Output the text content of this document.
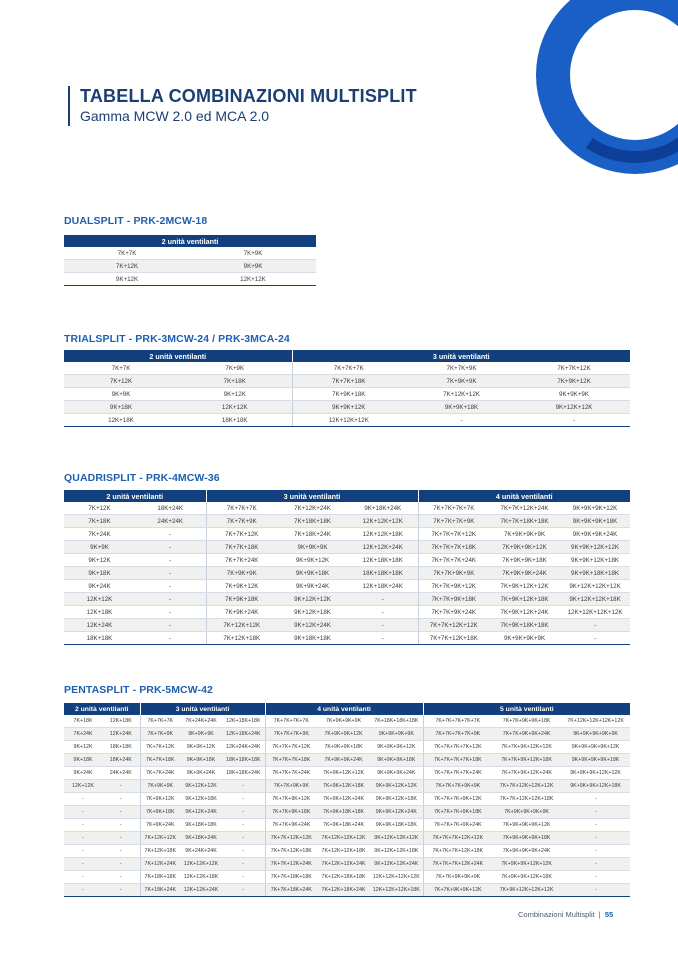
TABELLA COMBINAZIONI MULTISPLIT
Gamma MCW 2.0 ed MCA 2.0
DUALSPLIT - PRK-2MCW-18
2 unità ventilanti	
7K+7K	7K+9K
7K+12K	9K+9K
9K+12K	12K+12K
TRIALSPLIT - PRK-3MCW-24 / PRK-3MCA-24
2 unità ventilanti		3 unità ventilanti		
7K+7K	7K+9K	7K+7K+7K	7K+7K+9K	7K+7K+12K
7K+12K	7K+18K	7K+7K+18K	7K+9K+9K	7K+9K+12K
9K+9K	9K+12K	7K+9K+18K	7K+12K+12K	9K+9K+9K
9K+18K	12K+12K	9K+9K+12K	9K+9K+18K	9K+12K+12K
12K+18K	18K+18K	12K+12K+12K	-	-
QUADRISPLIT - PRK-4MCW-36
2 unità ventilanti		3 unità ventilanti			4 unità ventilanti		
7K+12K	18K+24K	7K+7K+7K	7K+12K+24K	9K+18K+24K	7K+7K+7K+7K	7K+7K+12K+24K	9K+9K+9K+12K
7K+18K	24K+24K	7K+7K+9K	7K+18K+18K	12K+12K+12K	7K+7K+7K+9K	7K+7K+18K+18K	9K+9K+9K+18K
7K+24K	-	7K+7K+12K	7K+18K+24K	12K+12K+18K	7K+7K+7K+12K	7K+9K+9K+9K	9K+9K+9K+24K
9K+9K	-	7K+7K+18K	9K+9K+9K	12K+12K+24K	7K+7K+7K+18K	7K+9K+9K+12K	9K+9K+12K+12K
9K+12K	-	7K+7K+24K	9K+9K+12K	12K+18K+18K	7K+7K+7K+24K	7K+9K+9K+18K	9K+9K+12K+18K
9K+18K	-	7K+9K+9K	9K+9K+18K	18K+18K+18K	7K+7K+9K+9K	7K+9K+9K+24K	9K+9K+18K+18K
9K+24K	-	7K+9K+12K	9K+9K+24K	12K+18K+24K	7K+7K+9K+12K	7K+9K+12K+12K	9K+12K+12K+12K
12K+12K	-	7K+9K+18K	9K+12K+12K	-	7K+7K+9K+18K	7K+9K+12K+18K	9K+12K+12K+18K
12K+18K	-	7K+9K+24K	9K+12K+18K	-	7K+7K+9K+24K	7K+9K+12K+24K	12K+12K+12K+12K
12K+24K	-	7K+12K+12K	9K+12K+24K	-	7K+7K+12K+12K	7K+9K+18K+18K	-
18K+18K	-	7K+12K+18K	9K+18K+18K	-	7K+7K+12K+18K	9K+9K+9K+9K	-
PENTASPLIT - PRK-5MCW-42
2 unità ventilanti		3 unità ventilanti			4 unità ventilanti			5 unità ventilanti		
7K+18K	12K+18K	7K+7K+7K	7K+24K+24K	12K+18K+18K	7K+7K+7K+7K	7K+9K+9K+9K	7K+18K+18K+18K	7K+7K+7K+7K+7K	7K+7K+9K+9K+18K	7K+12K+12K+12K+12K
7K+24K	12K+24K	7K+7K+9K	9K+9K+9K	12K+18K+24K	7K+7K+7K+9K	7K+9K+9K+12K	9K+9K+9K+9K	7K+7K+7K+7K+9K	7K+7K+9K+9K+24K	9K+9K+9K+9K+9K
9K+12K	18K+18K	7K+7K+12K	9K+9K+12K	12K+24K+24K	7K+7K+7K+12K	7K+9K+9K+18K	9K+9K+9K+12K	7K+7K+7K+7K+12K	7K+7K+9K+12K+12K	9K+9K+9K+9K+12K
9K+18K	18K+24K	7K+7K+18K	9K+9K+18K	18K+18K+18K	7K+7K+7K+18K	7K+9K+9K+24K	9K+9K+9K+18K	7K+7K+7K+7K+18K	7K+7K+9K+12K+18K	9K+9K+9K+9K+18K
9K+24K	24K+24K	7K+7K+24K	9K+9K+24K	18K+18K+24K	7K+7K+7K+24K	7K+9K+12K+12K	9K+9K+9K+24K	7K+7K+7K+7K+24K	7K+7K+9K+12K+24K	9K+9K+9K+12K+12K
12K+12K	-	7K+9K+9K	9K+12K+12K	-	7K+7K+9K+9K	7K+9K+12K+18K	9K+9K+12K+12K	7K+7K+7K+9K+9K	7K+7K+12K+12K+12K	9K+9K+9K+12K+18K
-	-	7K+9K+12K	9K+12K+18K	-	7K+7K+9K+12K	7K+9K+12K+24K	9K+9K+12K+18K	7K+7K+7K+9K+12K	7K+7K+12K+12K+18K	-
-	-	7K+9K+18K	9K+12K+24K	-	7K+7K+9K+18K	7K+9K+18K+18K	9K+9K+12K+24K	7K+7K+7K+9K+18K	7K+9K+9K+9K+9K	-
-	-	7K+9K+24K	9K+18K+18K	-	7K+7K+9K+24K	7K+9K+18K+24K	9K+9K+18K+18K	7K+7K+7K+9K+24K	7K+9K+9K+9K+12K	-
-	-	7K+12K+12K	9K+18K+24K	-	7K+7K+12K+12K	7K+12K+12K+12K	9K+12K+12K+12K	7K+7K+7K+12K+12K	7K+9K+9K+9K+18K	-
-	-	7K+12K+18K	9K+24K+24K	-	7K+7K+12K+18K	7K+12K+12K+18K	9K+12K+12K+18K	7K+7K+7K+12K+18K	7K+9K+9K+9K+24K	-
-	-	7K+12K+24K	12K+12K+12K	-	7K+7K+12K+24K	7K+12K+12K+24K	9K+12K+12K+24K	7K+7K+7K+12K+24K	7K+9K+9K+12K+12K	-
-	-	7K+18K+18K	12K+12K+18K	-	7K+7K+18K+18K	7K+12K+18K+18K	12K+12K+12K+12K	7K+7K+9K+9K+9K	7K+9K+9K+12K+18K	-
-	-	7K+18K+24K	12K+12K+24K	-	7K+7K+18K+24K	7K+12K+18K+24K	12K+12K+12K+18K	7K+7K+9K+9K+12K	7K+9K+12K+12K+12K	-
Combinazioni Multisplit | 55
